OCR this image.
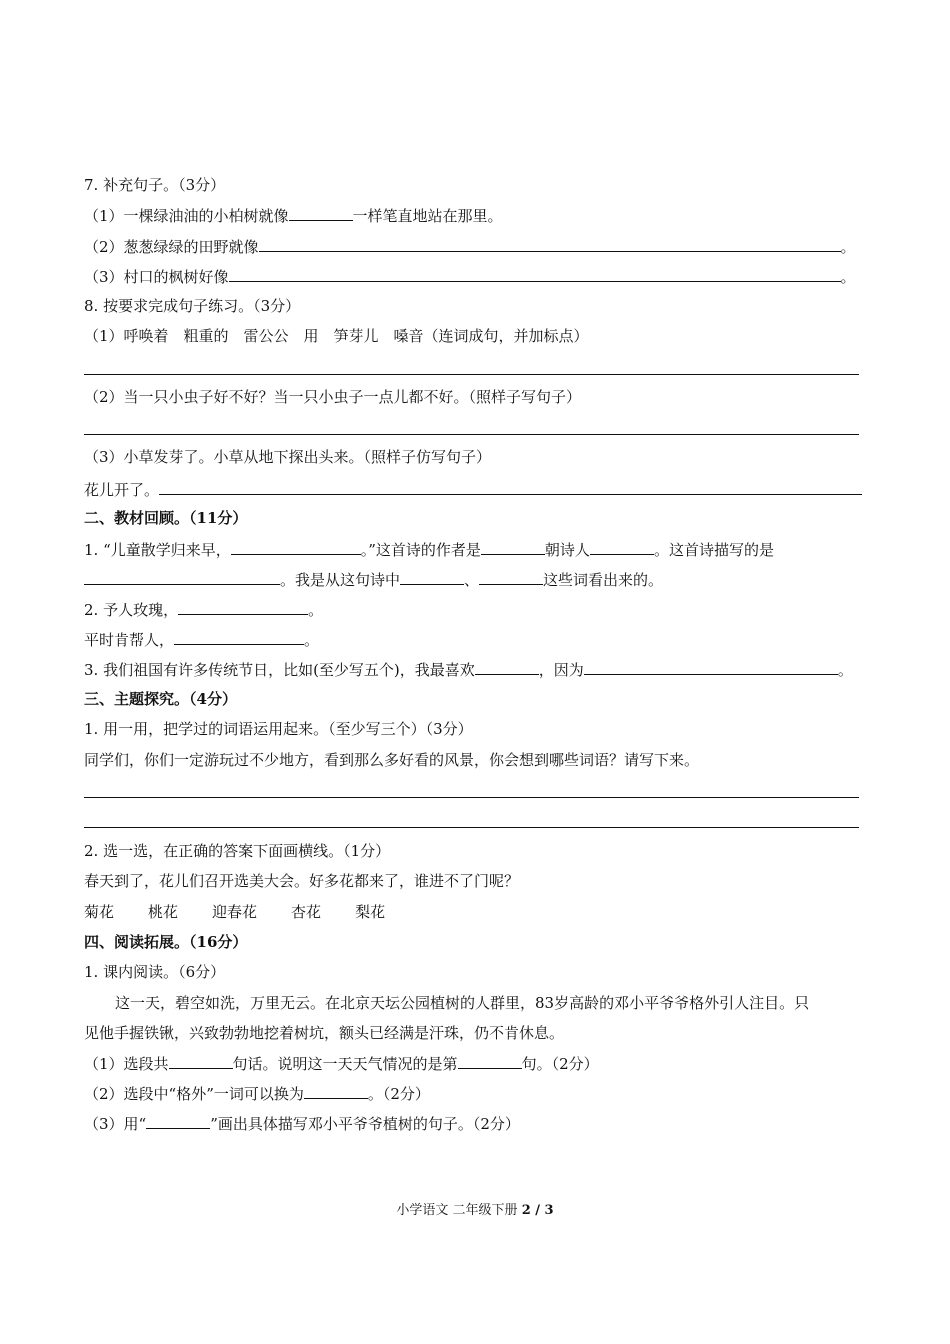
7. 补充句子。（3分）
（1）一棵绿油油的小柏树就像	一样笔直地站在那里。
（2）葱葱绿绿的田野就像	。
（3）村口的枫树好像	。
8. 按要求完成句子练习。（3分）
（1）呼唤着　粗重的　雷公公　用　笋芽儿　嗓音（连词成句，并加标点）
（2）当一只小虫子好不好？当一只小虫子一点儿都不好。（照样子写句子）
（3）小草发芽了。小草从地下探出头来。（照样子仿写句子）
花儿开了。
二、教材回顾。（11分）
1. “儿童散学归来早，	。”这首诗的作者是	朝诗人	。这首诗描写的是
。我是从这句诗中	、	这些词看出来的。
2. 予人玫瑰，	。
平时肯帮人，	。
3. 我们祖国有许多传统节日，比如(至少写五个)，我最喜欢	，因为	。
三、主题探究。（4分）
1. 用一用，把学过的词语运用起来。（至少写三个）（3分）
同学们，你们一定游玩过不少地方，看到那么多好看的风景，你会想到哪些词语？请写下来。
2. 选一选，在正确的答案下面画横线。（1分）
春天到了，花儿们召开选美大会。好多花都来了，谁进不了门呢？
菊花 桃花 迎春花 杏花 梨花
四、阅读拓展。（16分）
1. 课内阅读。（6分）
这一天，碧空如洗，万里无云。在北京天坛公园植树的人群里，83岁高龄的邓小平爷爷格外引人注目。只
见他手握铁锹，兴致勃勃地挖着树坑，额头已经满是汗珠，仍不肯休息。
（1）选段共	句话。说明这一天天气情况的是第	句。（2分）
（2）选段中“格外”一词可以换为	。（2分）
（3）用“	”画出具体描写邓小平爷爷植树的句子。（2分）
小学语文 二年级下册 2 / 3
